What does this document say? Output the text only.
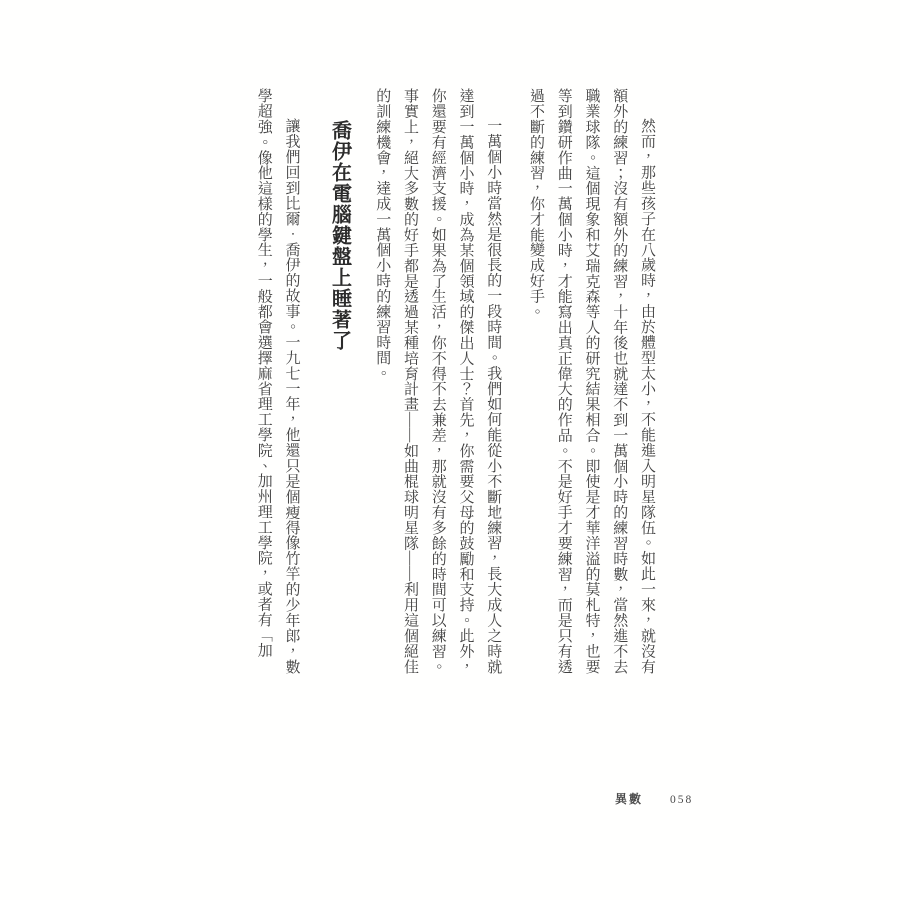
然而，那些孩子在八歲時，由於體型太小，不能進入明星隊伍。如此一來，就沒有額外的練習；沒有額外的練習，十年後也就達不到一萬個小時的練習時數，當然進不去職業球隊。這個現象和艾瑞克森等人的研究結果相合。即使是才華洋溢的莫札特，也要等到鑽研作曲一萬個小時，才能寫出真正偉大的作品。不是好手才要練習，而是只有透過不斷的練習，你才能變成好手。

一萬個小時當然是很長的一段時間。我們如何能從小不斷地練習，長大成人之時就達到一萬個小時，成為某個領域的傑出人士？首先，你需要父母的鼓勵和支持。此外，你還要有經濟支援。如果為了生活，你不得不去兼差，那就沒有多餘的時間可以練習。事實上，絕大多數的好手都是透過某種培育計畫——如曲棍球明星隊——利用這個絕佳的訓練機會，達成一萬個小時的練習時間。

喬伊在電腦鍵盤上睡著了

讓我們回到比爾．喬伊的故事。一九七一年，他還只是個瘦得像竹竿的少年郎，數學超強。像他這樣的學生，一般都會選擇麻省理工學院、加州理工學院，或者有「加

異數 058
